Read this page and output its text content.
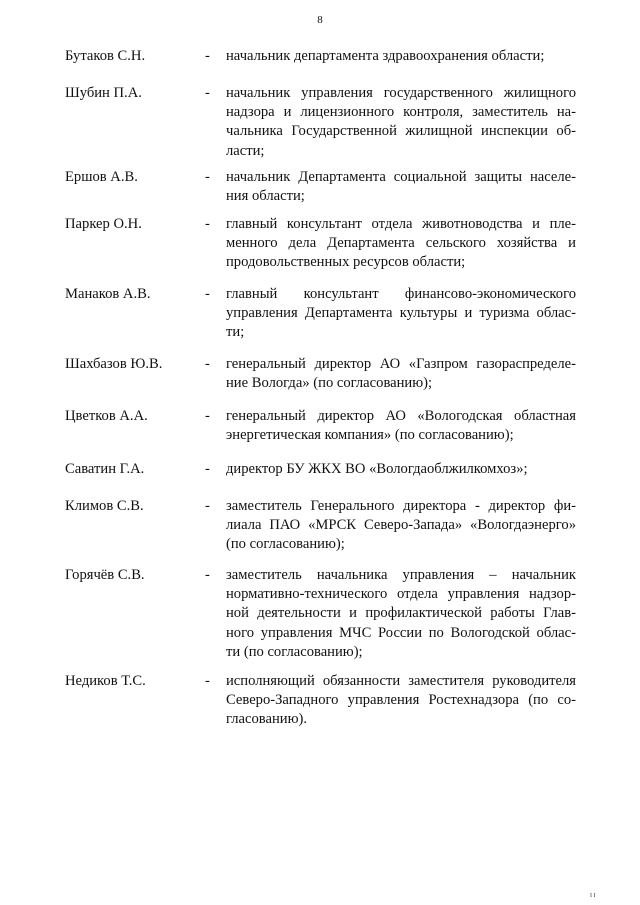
8
Бутаков С.Н.	- начальник департамента здравоохранения области;
Шубин П.А.	- начальник управления государственного жилищного
надзора и лицензионного контроля, заместитель на-
чальника Государственной жилищной инспекции об-
ласти;
Ершов А.В.	- начальник Департамента социальной защиты населе-
ния области;
Паркер О.Н.	- главный консультант отдела животноводства и пле-
менного дела Департамента сельского хозяйства и
продовольственных ресурсов области;
Манаков А.В.	- главный консультант финансово-экономического
управления Департамента культуры и туризма облас-
ти;
Шахбазов Ю.В.	- генеральный директор АО «Газпром газораспределе-
ние Вологда» (по согласованию);
Цветков А.А.	- генеральный директор АО «Вологодская областная
энергетическая компания» (по согласованию);
Саватин Г.А.	- директор БУ ЖКХ ВО «Вологдаоблжилкомхоз»;
Климов С.В.	- заместитель Генерального директора - директор фи-
лиала ПАО «МРСК Северо-Запада» «Вологдаэнерго»
(по согласованию);
Горячёв С.В.	- заместитель начальника управления – начальник
нормативно-технического отдела управления надзор-
ной деятельности и профилактической работы Глав-
ного управления МЧС России по Вологодской облас-
ти (по согласованию);
Недиков Т.С.	- исполняющий обязанности заместителя руководителя
Северо-Западного управления Ростехнадзора (по со-
гласованию).
I I
